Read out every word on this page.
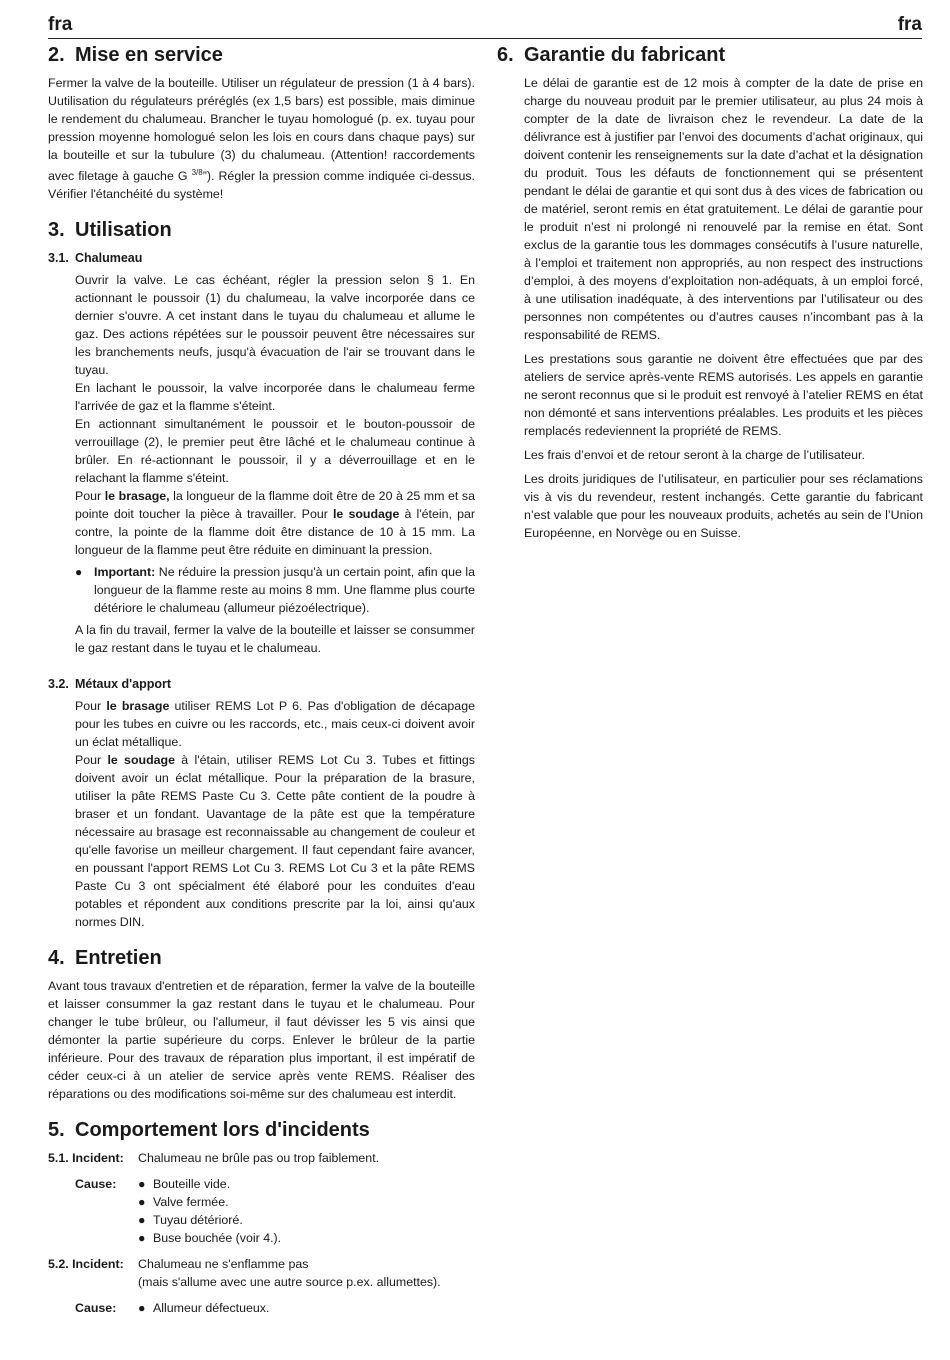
fra	fra
2. Mise en service

Fermer la valve de la bouteille. Utiliser un régulateur de pression (1 à 4 bars). Uutilisation du régulateurs préréglés (ex 1,5 bars) est possible, mais diminue le rendement du chalumeau. Brancher le tuyau homologué (p. ex. tuyau pour pression moyenne homologué selon les lois en cours dans chaque pays) sur la bouteille et sur la tubulure (3) du chalumeau. (Attention! raccordements avec filetage à gauche G $^{3/8}$”). Régler la pression comme indiquée ci-dessus. Vérifier l'étanchéité du système!

3. Utilisation
3.1. Chalumeau

Ouvrir la valve. Le cas échéant, régler la pression selon § 1. En actionnant le poussoir (1) du chalumeau, la valve incorporée dans ce dernier s'ouvre. A cet instant dans le tuyau du chalumeau et allume le gaz. Des actions répétées sur le poussoir peuvent être nécessaires sur les branchements neufs, jusqu'à évacuation de l'air se trouvant dans le tuyau.

En lachant le poussoir, la valve incorporée dans le chalumeau ferme l'arrivée de gaz et la flamme s'éteint.

En actionnant simultanément le poussoir et le bouton-poussoir de verrouillage (2), le premier peut être lâché et le chalumeau continue à brûler. En ré-actionnant le poussoir, il y a déverrouillage et en le relachant la flamme s'éteint.

Pour le brasage, la longueur de la flamme doit être de 20 à 25 mm et sa pointe doit toucher la pièce à travailler. Pour le soudage à l'étein, par contre, la pointe de la flamme doit être distance de 10 à 15 mm. La longueur de la flamme peut être réduite en diminuant la pression.

● Important: Ne réduire la pression jusqu'à un certain point, afin que la longueur de la flamme reste au moins 8 mm. Une flamme plus courte détériore le chalumeau (allumeur piézoélectrique).

A la fin du travail, fermer la valve de la bouteille et laisser se consummer le gaz restant dans le tuyau et le chalumeau.

3.2. Métaux d'apport

Pour le brasage utiliser REMS Lot P 6. Pas d'obligation de décapage pour les tubes en cuivre ou les raccords, etc., mais ceux-ci doivent avoir un éclat métallique.

Pour le soudage à l'étain, utiliser REMS Lot Cu 3. Tubes et fittings doivent avoir un éclat métallique. Pour la préparation de la brasure, utiliser la pâte REMS Paste Cu 3. Cette pâte contient de la poudre à braser et un fondant. Uavantage de la pâte est que la température nécessaire au brasage est reconnaissable au changement de couleur et qu'elle favorise un meilleur chargement. Il faut cependant faire avancer, en poussant l'apport REMS Lot Cu 3. REMS Lot Cu 3 et la pâte REMS Paste Cu 3 ont spécialment été élaboré pour les conduites d'eau potables et répondent aux conditions prescrite par la loi, ainsi qu'aux normes DIN.

4. Entretien

Avant tous travaux d'entretien et de réparation, fermer la valve de la bouteille et laisser consummer la gaz restant dans le tuyau et le chalumeau. Pour changer le tube brûleur, ou l'allumeur, il faut dévisser les 5 vis ainsi que démonter la partie supérieure du corps. Enlever le brûleur de la partie inférieure. Pour des travaux de réparation plus important, il est impératif de céder ceux-ci à un atelier de service après vente REMS. Réaliser des réparations ou des modifications soi-même sur des chalumeau est interdit.

5. Comportement lors d'incidents
5.1. Incident:	Chalumeau ne brûle pas ou trop faiblement.
Cause:	● Bouteille vide.
● Valve fermée.
● Tuyau détérioré.
● Buse bouchée (voir 4.).
5.2. Incident:	Chalumeau ne s'enflamme pas
(mais s'allume avec une autre source p.ex. allumettes).
Cause:	● Allumeur défectueux.
6. Garantie du fabricant

Le délai de garantie est de 12 mois à compter de la date de prise en charge du nouveau produit par le premier utilisateur, au plus 24 mois à compter de la date de livraison chez le revendeur. La date de la délivrance est à justifier par l’envoi des documents d’achat originaux, qui doivent contenir les renseignements sur la date d’achat et la désignation du produit. Tous les défauts de fonctionnement qui se présentent pendant le délai de garantie et qui sont dus à des vices de fabrication ou de matériel, seront remis en état gratuitement. Le délai de garantie pour le produit n’est ni prolongé ni renouvelé par la remise en état. Sont exclus de la garantie tous les dommages consécutifs à l’usure naturelle, à l’emploi et traitement non appropriés, au non respect des instructions d’emploi, à des moyens d’exploitation non-adéquats, à un emploi forcé, à une utilisation inadéquate, à des interventions par l’utilisateur ou des personnes non compétentes ou d’autres causes n’incombant pas à la responsabilité de REMS.

Les prestations sous garantie ne doivent être effectuées que par des ateliers de service après-vente REMS autorisés. Les appels en garantie ne seront reconnus que si le produit est renvoyé à l’atelier REMS en état non démonté et sans interventions préalables. Les produits et les pièces remplacés redeviennent la propriété de REMS.

Les frais d’envoi et de retour seront à la charge de l’utilisateur.

Les droits juridiques de l’utilisateur, en particulier pour ses réclamations vis à vis du revendeur, restent inchangés. Cette garantie du fabricant n’est valable que pour les nouveaux produits, achetés au sein de l’Union Européenne, en Norvège ou en Suisse.
